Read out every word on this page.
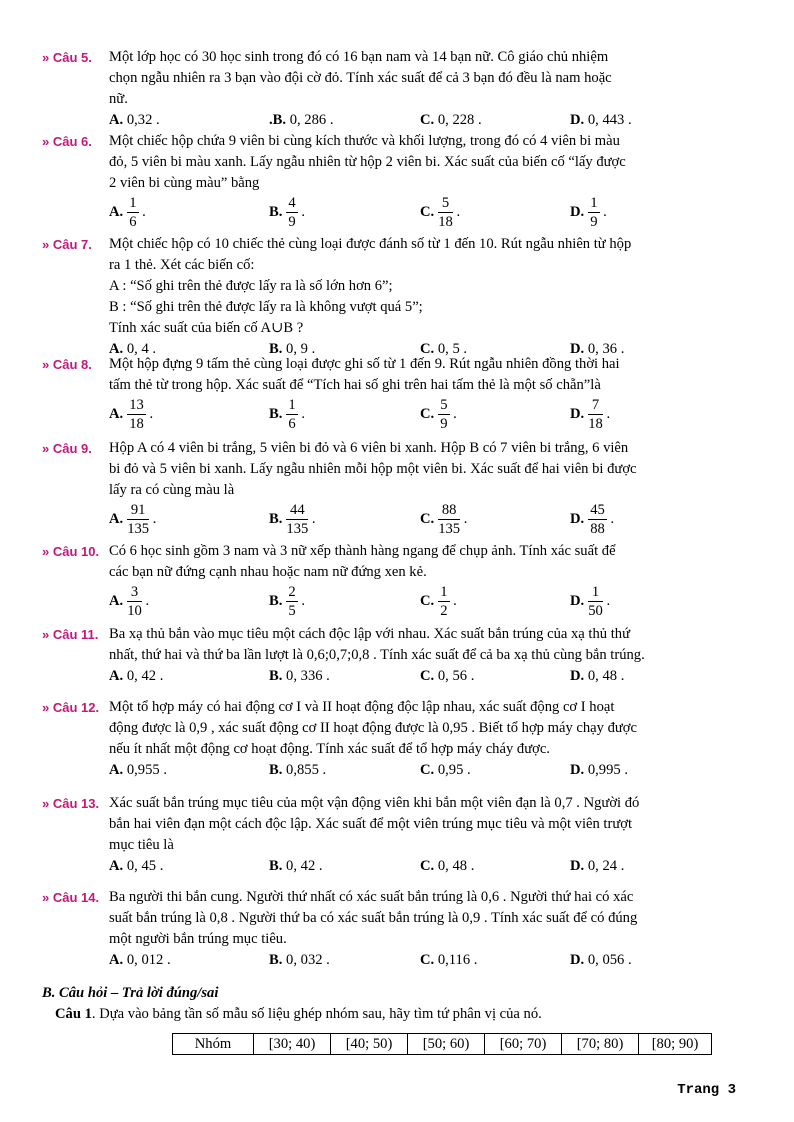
» Câu 5. Một lớp học có 30 học sinh trong đó có 16 bạn nam và 14 bạn nữ. Cô giáo chủ nhiệm
chọn ngẫu nhiên ra 3 bạn vào đội cờ đỏ. Tính xác suất để cả 3 bạn đó đều là nam hoặc
nữ.
A. 0,32 .	.B. 0, 286 .	C. 0, 228 .	D. 0, 443 .
» Câu 6. Một chiếc hộp chứa 9 viên bi cùng kích thước và khối lượng, trong đó có 4 viên bi màu
đỏ, 5 viên bi màu xanh. Lấy ngẫu nhiên từ hộp 2 viên bi. Xác suất của biến cố “lấy được
2 viên bi cùng màu” bằng
A. $\frac{1}{6}$ .	B. $\frac{4}{9}$ .	C. $\frac{5}{18}$ .	D. $\frac{1}{9}$ .
» Câu 7. Một chiếc hộp có 10 chiếc thẻ cùng loại được đánh số từ 1 đến 10. Rút ngẫu nhiên từ hộp
ra 1 thẻ. Xét các biến cố:
A : “Số ghi trên thẻ được lấy ra là số lớn hơn 6”;
B : “Số ghi trên thẻ được lấy ra là không vượt quá 5”;
Tính xác suất của biến cố A∪B ?
A. 0, 4 .	B. 0, 9 .	C. 0, 5 .	D. 0, 36 .
» Câu 8. Một hộp đựng 9 tấm thẻ cùng loại được ghi số từ 1 đến 9. Rút ngẫu nhiên đồng thời hai
tấm thẻ từ trong hộp. Xác suất để “Tích hai số ghi trên hai tấm thẻ là một số chẵn”là
A. $\frac{13}{18}$ .	B. $\frac{1}{6}$ .	C. $\frac{5}{9}$ .	D. $\frac{7}{18}$ .
» Câu 9. Hộp A có 4 viên bi trắng, 5 viên bi đỏ và 6 viên bi xanh. Hộp B có 7 viên bi trắng, 6 viên
bi đỏ và 5 viên bi xanh. Lấy ngẫu nhiên mỗi hộp một viên bi. Xác suất để hai viên bi được
lấy ra có cùng màu là
A. $\frac{91}{135}$ .	B. $\frac{44}{135}$ .	C. $\frac{88}{135}$ .	D. $\frac{45}{88}$ .
» Câu 10. Có 6 học sinh gồm 3 nam và 3 nữ xếp thành hàng ngang để chụp ảnh. Tính xác suất để
các bạn nữ đứng cạnh nhau hoặc nam nữ đứng xen kẻ.
A. $\frac{3}{10}$ .	B. $\frac{2}{5}$ .	C. $\frac{1}{2}$ .	D. $\frac{1}{50}$ .
» Câu 11. Ba xạ thủ bắn vào mục tiêu một cách độc lập với nhau. Xác suất bắn trúng của xạ thủ thứ
nhất, thứ hai và thứ ba lần lượt là 0,6;0,7;0,8 . Tính xác suất để cả ba xạ thủ cùng bắn trúng.
A. 0, 42 .	B. 0, 336 .	C. 0, 56 .	D. 0, 48 .
» Câu 12. Một tổ hợp máy có hai động cơ I và II hoạt động độc lập nhau, xác suất động cơ I hoạt
động được là 0,9 , xác suất động cơ II hoạt động được là 0,95 . Biết tổ hợp máy chạy được
nếu ít nhất một động cơ hoạt động. Tính xác suất để tổ hợp máy cháy được.
A. 0,955 .	B. 0,855 .	C. 0,95 .	D. 0,995 .
» Câu 13. Xác suất bắn trúng mục tiêu của một vận động viên khi bắn một viên đạn là 0,7 . Người đó
bắn hai viên đạn một cách độc lập. Xác suất để một viên trúng mục tiêu và một viên trượt
mục tiêu là
A. 0, 45 .	B. 0, 42 .	C. 0, 48 .	D. 0, 24 .
» Câu 14. Ba người thi bắn cung. Người thứ nhất có xác suất bắn trúng là 0,6 . Người thứ hai có xác
suất bắn trúng là 0,8 . Người thứ ba có xác suất bắn trúng là 0,9 . Tính xác suất để có đúng
một người bắn trúng mục tiêu.
A. 0, 012 .	B. 0, 032 .	C. 0,116 .	D. 0, 056 .
B. Câu hỏi – Trả lời đúng/sai
Câu 1. Dựa vào bảng tần số mẫu số liệu ghép nhóm sau, hãy tìm tứ phân vị của nó.
Nhóm	[30; 40)	[40; 50)	[50; 60)	[60; 70)	[70; 80)	[80; 90)
Trang 3
